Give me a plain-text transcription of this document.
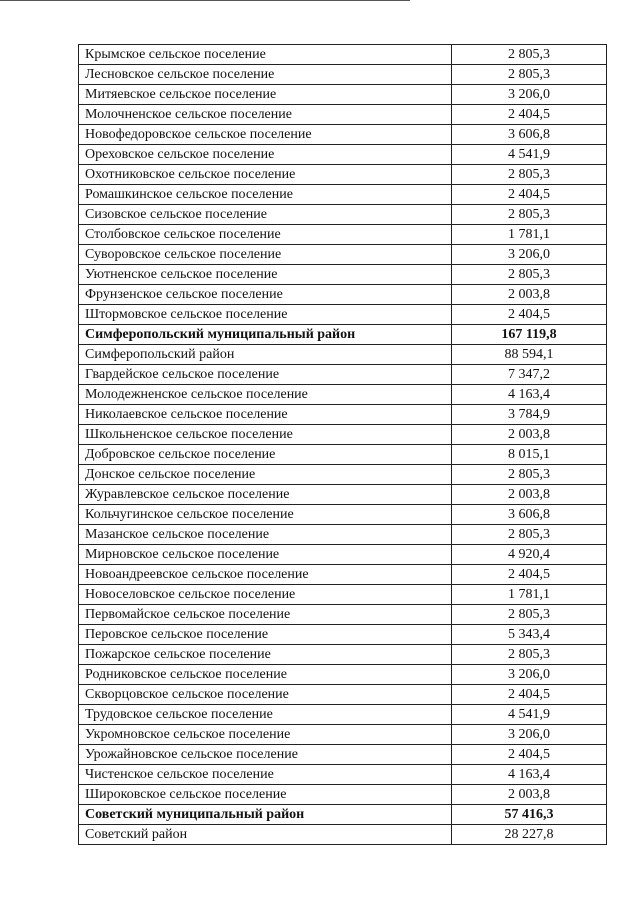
Крымское сельское поселение	2 805,3
Лесновское сельское поселение	2 805,3
Митяевское сельское поселение	3 206,0
Молочненское сельское поселение	2 404,5
Новофедоровское сельское поселение	3 606,8
Ореховское сельское поселение	4 541,9
Охотниковское сельское поселение	2 805,3
Ромашкинское сельское поселение	2 404,5
Сизовское сельское поселение	2 805,3
Столбовское сельское поселение	1 781,1
Суворовское сельское поселение	3 206,0
Уютненское сельское поселение	2 805,3
Фрунзенское сельское поселение	2 003,8
Штормовское сельское поселение	2 404,5
Симферопольский муниципальный район	167 119,8
Симферопольский район	88 594,1
Гвардейское сельское поселение	7 347,2
Молодежненское сельское поселение	4 163,4
Николаевское сельское поселение	3 784,9
Школьненское сельское поселение	2 003,8
Добровское сельское поселение	8 015,1
Донское сельское поселение	2 805,3
Журавлевское сельское поселение	2 003,8
Кольчугинское сельское поселение	3 606,8
Мазанское сельское поселение	2 805,3
Мирновское сельское поселение	4 920,4
Новоандреевское сельское поселение	2 404,5
Новоселовское сельское поселение	1 781,1
Первомайское сельское поселение	2 805,3
Перовское сельское поселение	5 343,4
Пожарское сельское поселение	2 805,3
Родниковское сельское поселение	3 206,0
Скворцовское сельское поселение	2 404,5
Трудовское сельское поселение	4 541,9
Укромновское сельское поселение	3 206,0
Урожайновское сельское поселение	2 404,5
Чистенское сельское поселение	4 163,4
Широковское сельское поселение	2 003,8
Советский муниципальный район	57 416,3
Советский район	28 227,8
